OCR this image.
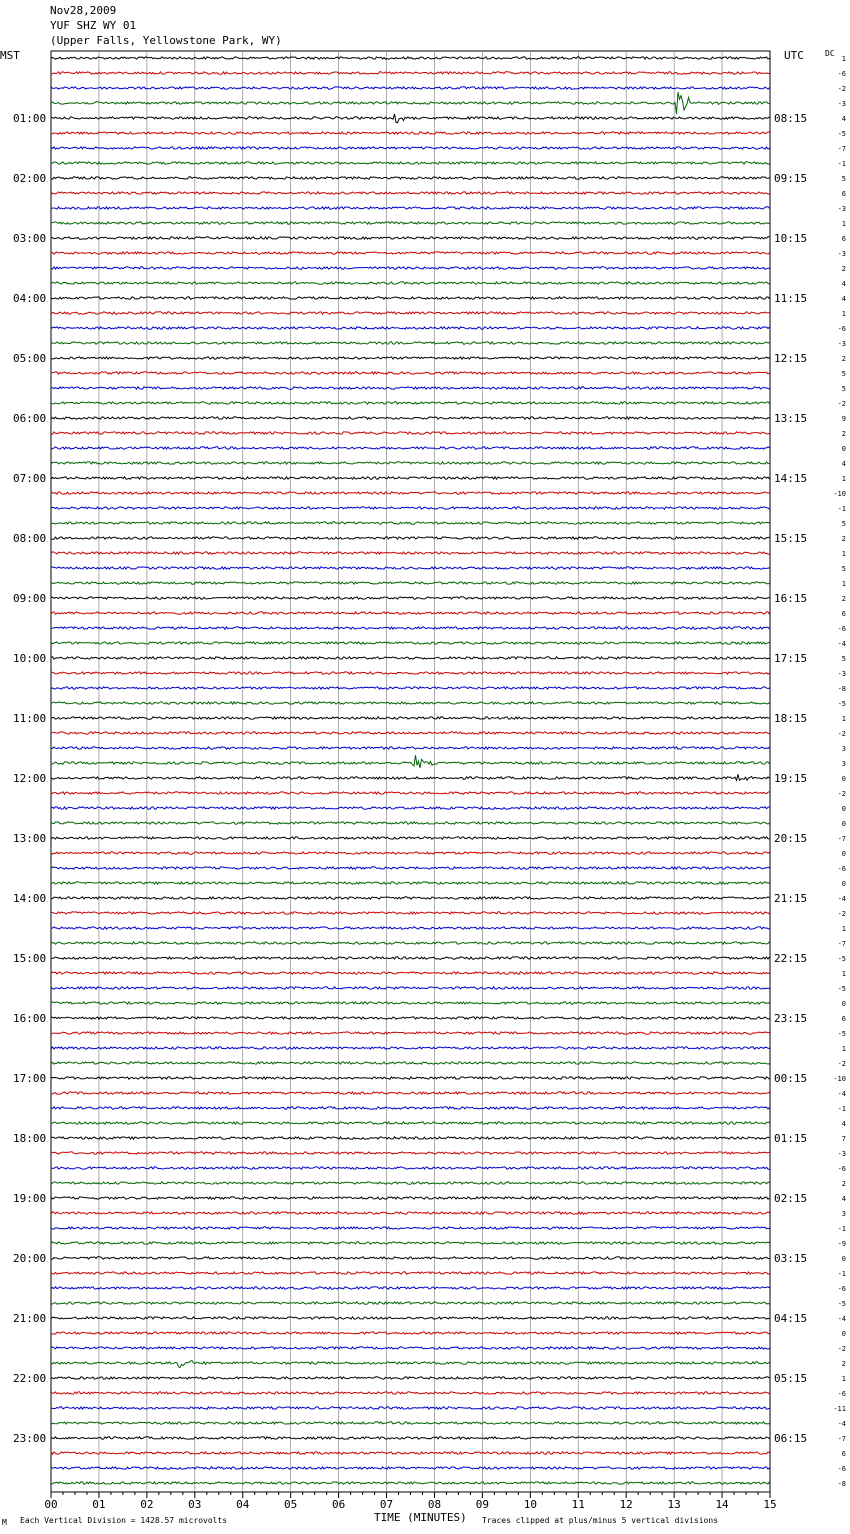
Nov28,2009
YUF SHZ WY 01
(Upper Falls, Yellowstone Park, WY)
MST	UTC	DC
1
-6
-2
-3
4
-5
-7
-1
5
6
-3
1
6
-3
2
4
4
1
-6
-3
2
5
5
-2
9
2
0
4
1
-10
-1
5
2
1
5
1
2
6
-6
-4
5
-3
-8
-5
1
-2
3
3
0
-2
0
0
-7
0
-6
0
-4
-2
1
-7
-5
1
-5
0
6
-5
1
-2
-10
-4
-1
4
7
-3
-6
2
4
3
-1
-9
0
-1
-6
-5
-4
0
-2
2
1
-6
-11
-4
-7
6
-6
-8
01:00	08:15
02:00	09:15
03:00	10:15
04:00	11:15
05:00	12:15
06:00	13:15
07:00	14:15
08:00	15:15
09:00	16:15
10:00	17:15
11:00	18:15
12:00	19:15
13:00	20:15
14:00	21:15
15:00	22:15
16:00	23:15
17:00	00:15
18:00	01:15
19:00	02:15
20:00	03:15
21:00	04:15
22:00	05:15
23:00	06:15
00	01	02	03	04	05	06	07	08	09	10	11	12	13	14	15
TIME (MINUTES)
M Each Vertical Division = 1428.57 microvolts	Traces clipped at plus/minus 5 vertical divisions
